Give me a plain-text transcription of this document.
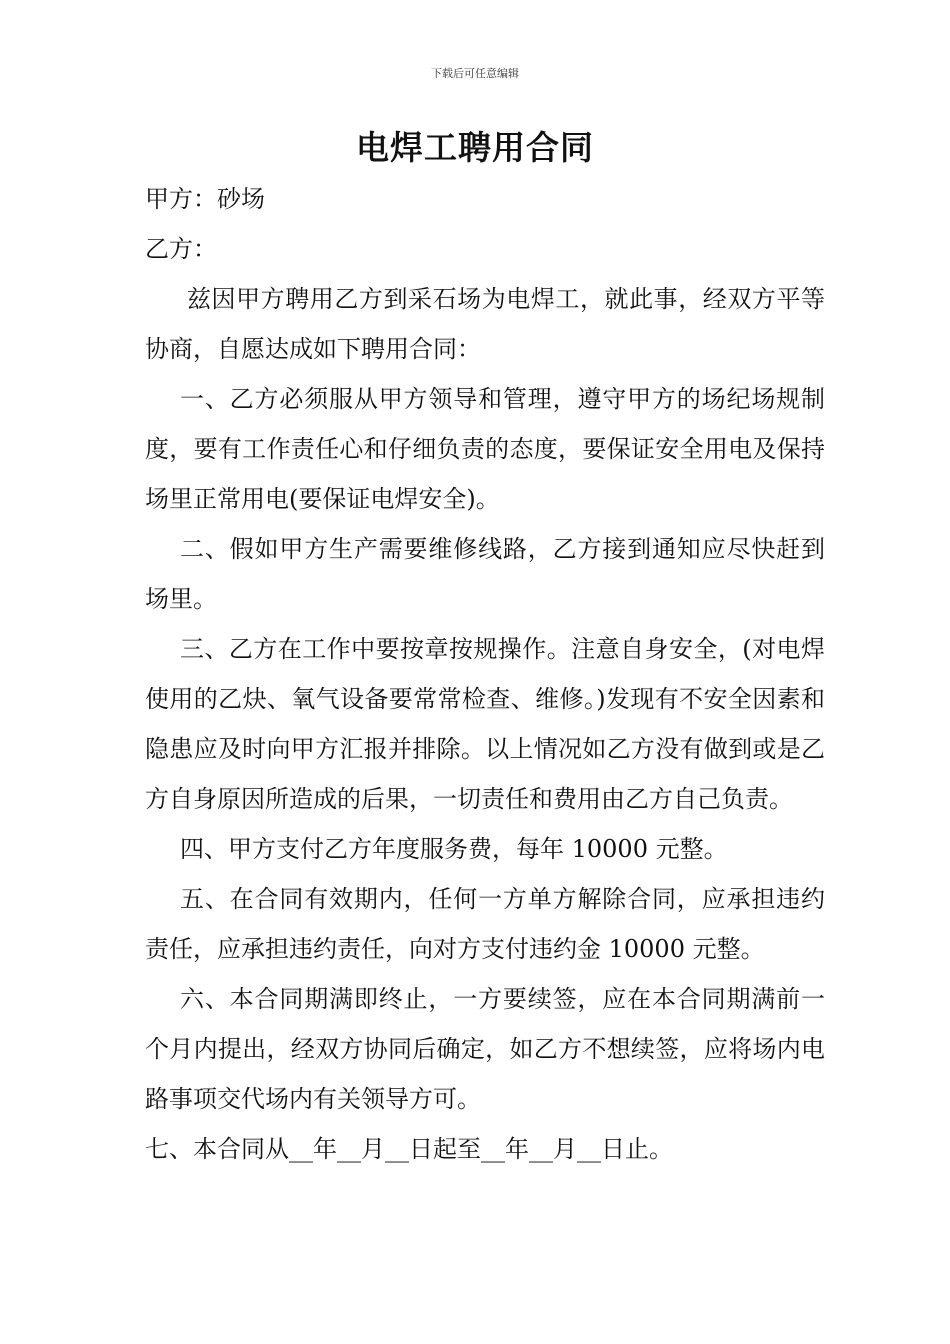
下载后可任意编辑
电焊工聘用合同

甲方：砂场

乙方：

兹因甲方聘用乙方到采石场为电焊工，就此事，经双方平等协商，自愿达成如下聘用合同：

一、乙方必须服从甲方领导和管理，遵守甲方的场纪场规制度，要有工作责任心和仔细负责的态度，要保证安全用电及保持场里正常用电(要保证电焊安全)。

二、假如甲方生产需要维修线路，乙方接到通知应尽快赶到场里。

三、乙方在工作中要按章按规操作。注意自身安全，(对电焊使用的乙炔、氧气设备要常常检查、维修。)发现有不安全因素和隐患应及时向甲方汇报并排除。以上情况如乙方没有做到或是乙方自身原因所造成的后果，一切责任和费用由乙方自己负责。

四、甲方支付乙方年度服务费，每年 10000 元整。

五、在合同有效期内，任何一方单方解除合同，应承担违约责任，应承担违约责任，向对方支付违约金 10000 元整。

六、本合同期满即终止，一方要续签，应在本合同期满前一个月内提出，经双方协同后确定，如乙方不想续签，应将场内电路事项交代场内有关领导方可。

七、本合同从__年__月__日起至__年__月__日止。
